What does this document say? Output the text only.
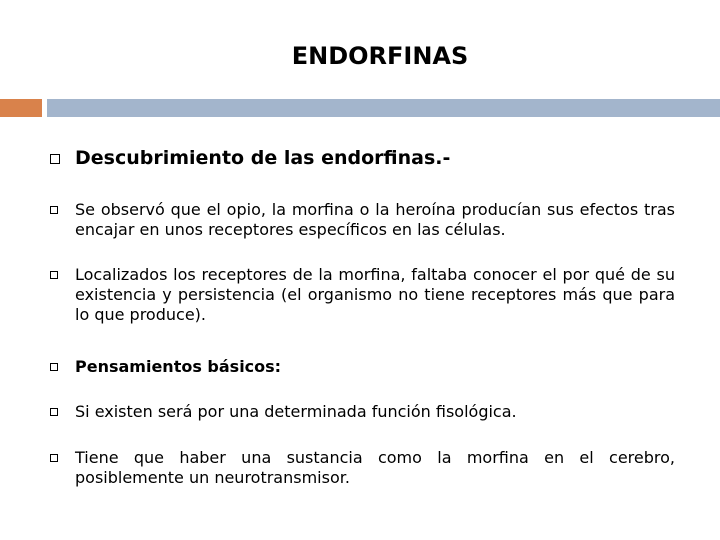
ENDORFINAS
Descubrimiento de las endorfinas.-
Se observó que el opio, la morfina o la heroína producían sus efectos tras encajar en unos receptores específicos en las células.
Localizados los receptores de la morfina, faltaba conocer el por qué de su existencia y persistencia (el organismo no tiene receptores más que para lo que produce).
Pensamientos básicos:
Si existen será por una determinada función fisológica.
Tiene que haber una sustancia como la morfina en el cerebro, posiblemente un neurotransmisor.
